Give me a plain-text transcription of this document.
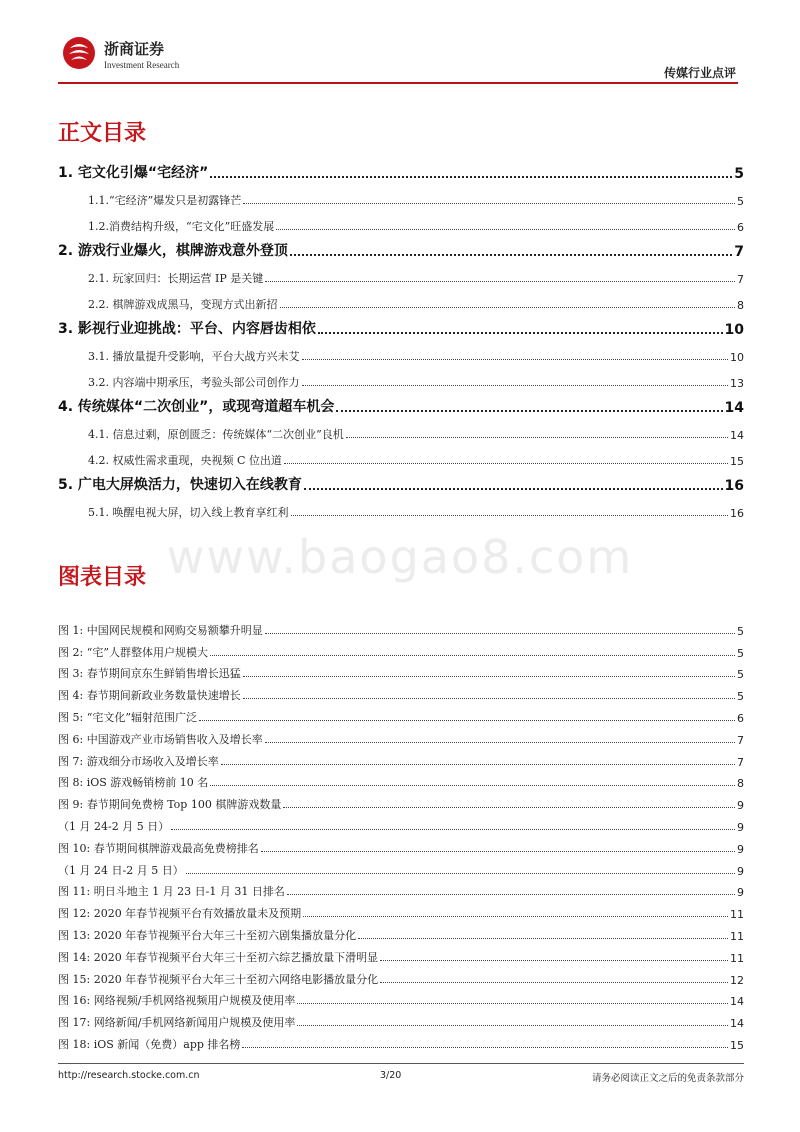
浙商证券
Investment Research
传媒行业点评
正文目录
1. 宅文化引爆“宅经济”	5
1.1.“宅经济”爆发只是初露锋芒	5
1.2.消费结构升级，“宅文化”旺盛发展	6
2. 游戏行业爆火，棋牌游戏意外登顶	7
2.1. 玩家回归：长期运营 IP 是关键	7
2.2. 棋牌游戏成黑马，变现方式出新招	8
3. 影视行业迎挑战：平台、内容唇齿相依	10
3.1. 播放量提升受影响，平台大战方兴未艾	10
3.2. 内容端中期承压，考验头部公司创作力	13
4. 传统媒体“二次创业”，或现弯道超车机会	14
4.1. 信息过剩，原创匮乏：传统媒体“二次创业”良机	14
4.2. 权威性需求重现，央视频 C 位出道	15
5. 广电大屏焕活力，快速切入在线教育	16
5.1. 唤醒电视大屏，切入线上教育享红利	16
www.baogao8.com
图表目录
图 1: 中国网民规模和网购交易额攀升明显	5
图 2: “宅”人群整体用户规模大	5
图 3: 春节期间京东生鲜销售增长迅猛	5
图 4: 春节期间新政业务数量快速增长	5
图 5: “宅文化”辐射范围广泛	6
图 6: 中国游戏产业市场销售收入及增长率	7
图 7: 游戏细分市场收入及增长率	7
图 8: iOS 游戏畅销榜前 10 名	8
图 9: 春节期间免费榜 Top 100 棋牌游戏数量	9
（1 月 24-2 月 5 日）	9
图 10: 春节期间棋牌游戏最高免费榜排名	9
（1 月 24 日-2 月 5 日）	9
图 11: 明日斗地主 1 月 23 日-1 月 31 日排名	9
图 12: 2020 年春节视频平台有效播放量未及预期	11
图 13: 2020 年春节视频平台大年三十至初六剧集播放量分化	11
图 14: 2020 年春节视频平台大年三十至初六综艺播放量下滑明显	11
图 15: 2020 年春节视频平台大年三十至初六网络电影播放量分化	12
图 16: 网络视频/手机网络视频用户规模及使用率	14
图 17: 网络新闻/手机网络新闻用户规模及使用率	14
图 18: iOS 新闻（免费）app 排名榜	15
http://research.stocke.com.cn	3/20	请务必阅读正文之后的免责条款部分
